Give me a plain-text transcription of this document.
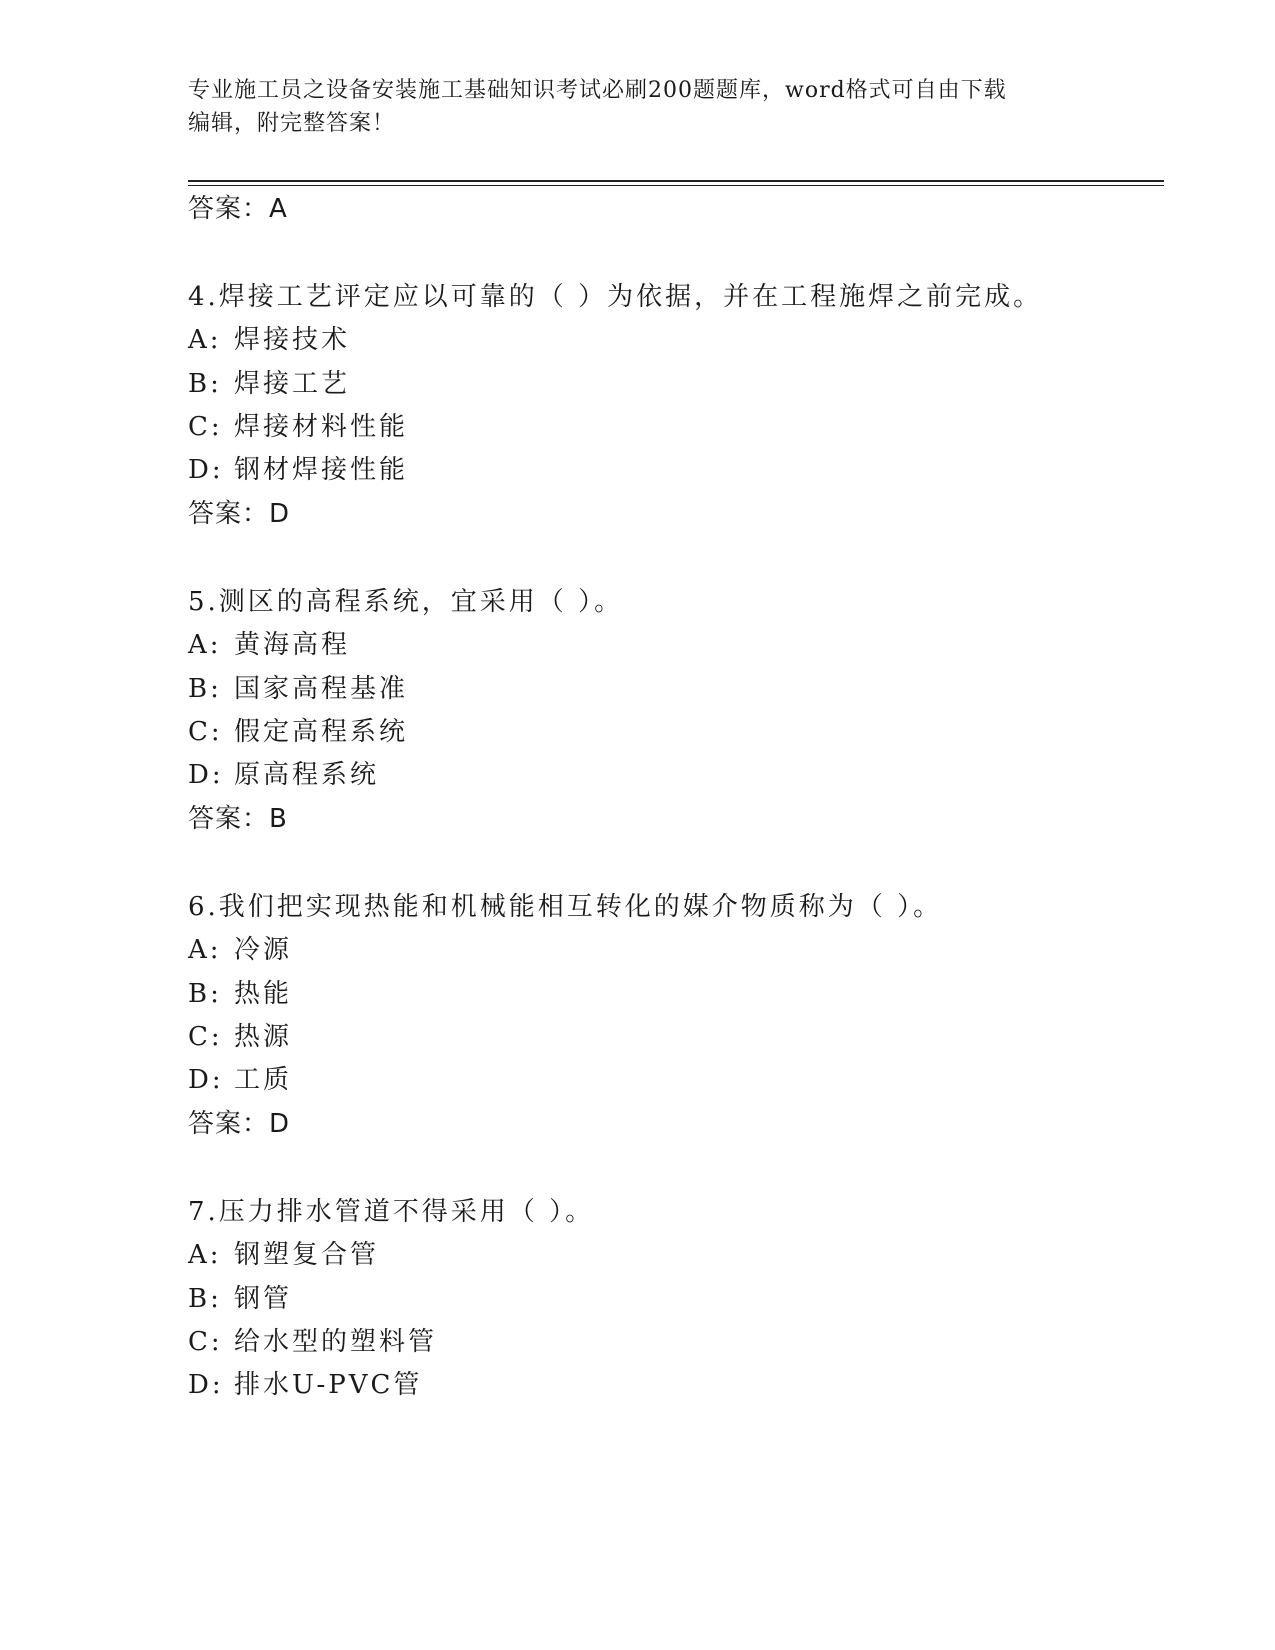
专业施工员之设备安装施工基础知识考试必刷200题题库，word格式可自由下载
编辑，附完整答案！
答案：A
4.焊接工艺评定应以可靠的（ ）为依据，并在工程施焊之前完成。
A: 焊接技术
B: 焊接工艺
C: 焊接材料性能
D: 钢材焊接性能
答案：D
5.测区的高程系统，宜采用（ ）。
A: 黄海高程
B: 国家高程基准
C: 假定高程系统
D: 原高程系统
答案：B
6.我们把实现热能和机械能相互转化的媒介物质称为（ ）。
A: 冷源
B: 热能
C: 热源
D: 工质
答案：D
7.压力排水管道不得采用（ ）。
A: 钢塑复合管
B: 钢管
C: 给水型的塑料管
D: 排水U-PVC管
